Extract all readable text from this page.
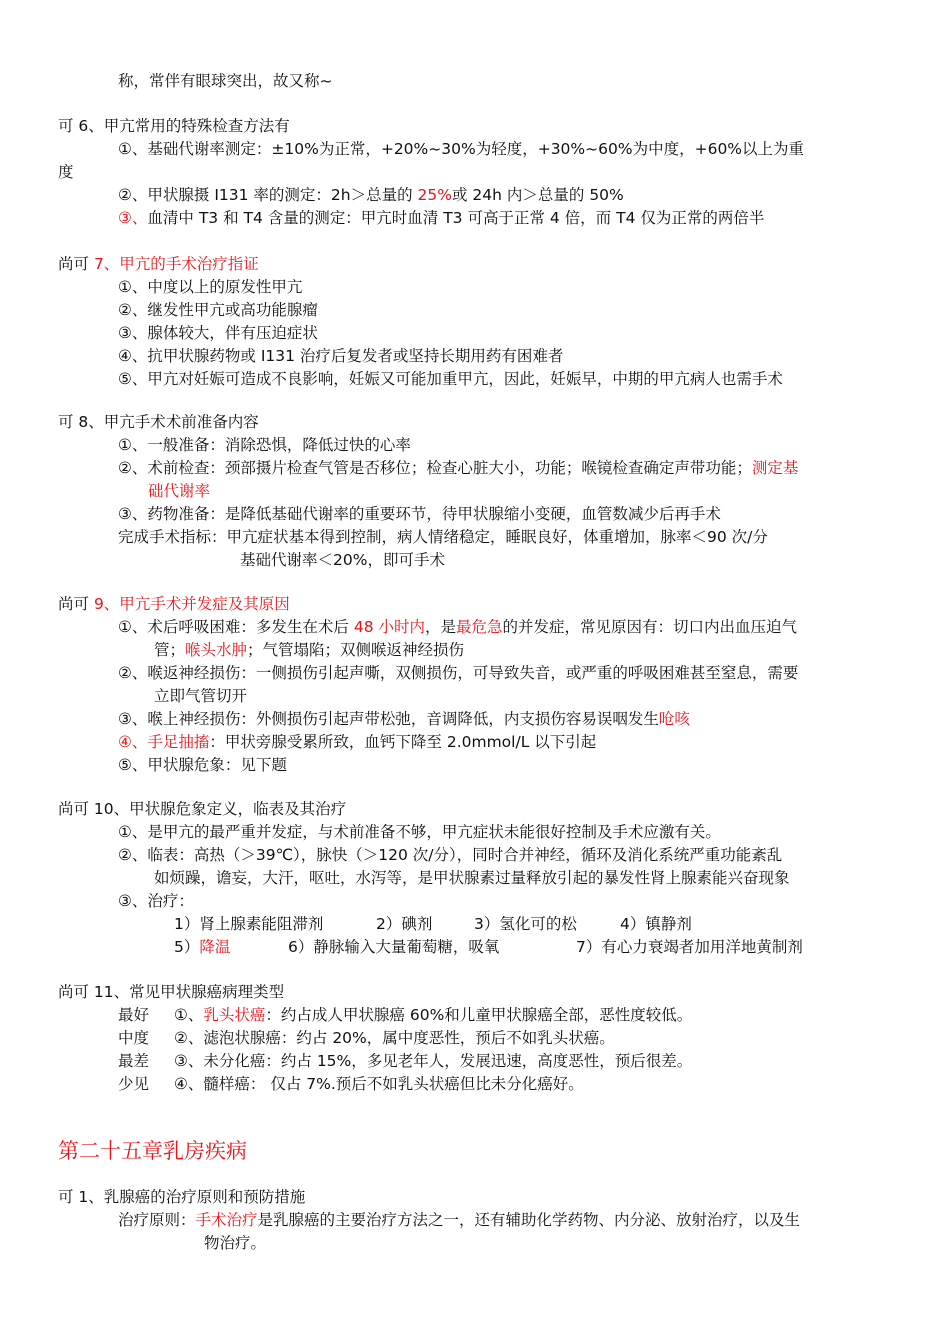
称，常伴有眼球突出，故又称~
可 6、甲亢常用的特殊检查方法有
①、基础代谢率测定：±10%为正常，+20%~30%为轻度，+30%~60%为中度，+60%以上为重
度
②、甲状腺摄 I131 率的测定：2h＞总量的 25%或 24h 内＞总量的 50%
③、血清中 T3 和 T4 含量的测定：甲亢时血清 T3 可高于正常 4 倍，而 T4 仅为正常的两倍半
尚可 7、甲亢的手术治疗指证
①、中度以上的原发性甲亢
②、继发性甲亢或高功能腺瘤
③、腺体较大，伴有压迫症状
④、抗甲状腺药物或 I131 治疗后复发者或坚持长期用药有困难者
⑤、甲亢对妊娠可造成不良影响，妊娠又可能加重甲亢，因此，妊娠早，中期的甲亢病人也需手术
可 8、甲亢手术术前准备内容
①、一般准备：消除恐惧，降低过快的心率
②、术前检查：颈部摄片检查气管是否移位；检查心脏大小，功能；喉镜检查确定声带功能；测定基
础代谢率
③、药物准备：是降低基础代谢率的重要环节，待甲状腺缩小变硬，血管数减少后再手术
完成手术指标：甲亢症状基本得到控制，病人情绪稳定，睡眠良好，体重增加，脉率＜90 次/分
基础代谢率＜20%，即可手术
尚可 9、甲亢手术并发症及其原因
①、术后呼吸困难：多发生在术后 48 小时内，是最危急的并发症，常见原因有：切口内出血压迫气
管；喉头水肿；气管塌陷；双侧喉返神经损伤
②、喉返神经损伤：一侧损伤引起声嘶，双侧损伤，可导致失音，或严重的呼吸困难甚至窒息，需要
立即气管切开
③、喉上神经损伤：外侧损伤引起声带松弛，音调降低，内支损伤容易误咽发生呛咳
④、手足抽搐：甲状旁腺受累所致，血钙下降至 2.0mmol/L 以下引起
⑤、甲状腺危象：见下题
尚可 10、甲状腺危象定义，临表及其治疗
①、是甲亢的最严重并发症，与术前准备不够，甲亢症状未能很好控制及手术应激有关。
②、临表：高热（＞39℃），脉快（＞120 次/分），同时合并神经，循环及消化系统严重功能紊乱
如烦躁，谵妄，大汗，呕吐，水泻等，是甲状腺素过量释放引起的暴发性肾上腺素能兴奋现象
③、治疗：
1）肾上腺素能阻滞剂	2）碘剂	3）氢化可的松	4）镇静剂
5）降温	6）静脉输入大量葡萄糖，吸氧	7）有心力衰竭者加用洋地黄制剂
尚可 11、常见甲状腺癌病理类型
最好 ①、乳头状癌：约占成人甲状腺癌 60%和儿童甲状腺癌全部，恶性度较低。
中度 ②、滤泡状腺癌：约占 20%，属中度恶性，预后不如乳头状癌。
最差 ③、未分化癌：约占 15%，多见老年人，发展迅速，高度恶性，预后很差。
少见 ④、髓样癌： 仅占 7%.预后不如乳头状癌但比未分化癌好。
第二十五章乳房疾病
可 1、乳腺癌的治疗原则和预防措施
治疗原则：手术治疗是乳腺癌的主要治疗方法之一，还有辅助化学药物、内分泌、放射治疗，以及生
物治疗。
